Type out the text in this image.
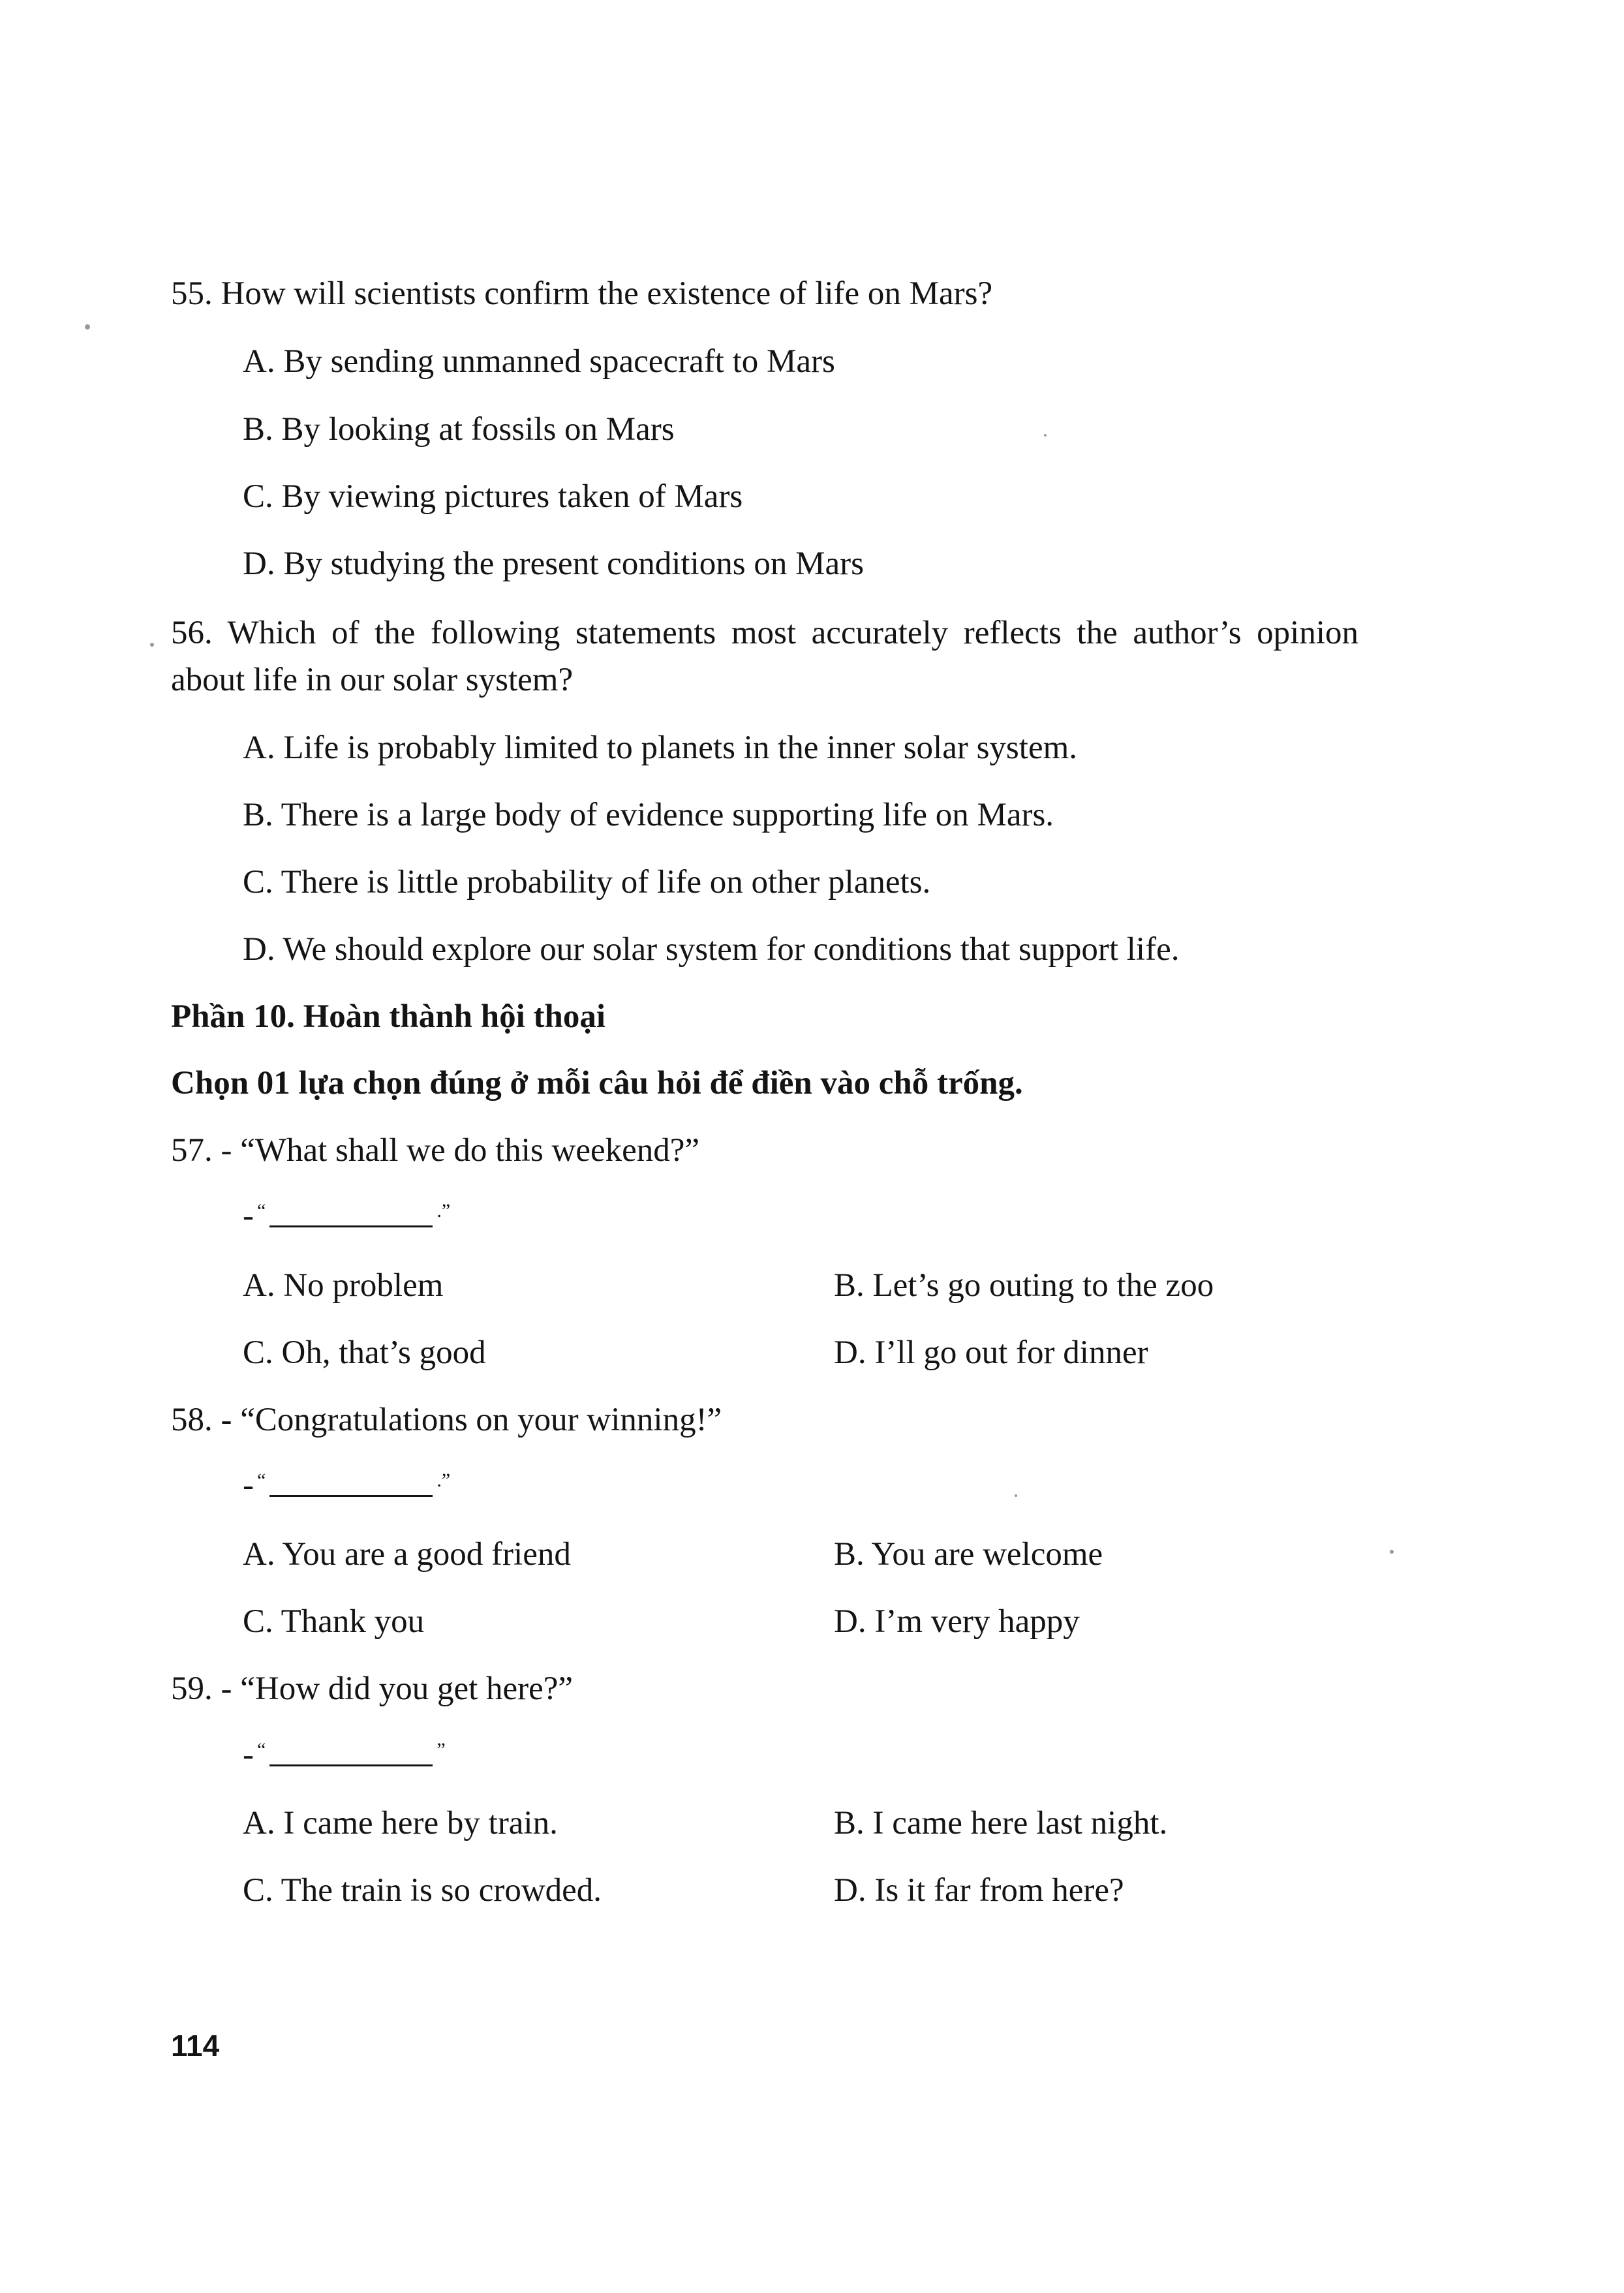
55. How will scientists confirm the existence of life on Mars?
A. By sending unmanned spacecraft to Mars
B. By looking at fossils on Mars
C. By viewing pictures taken of Mars
D. By studying the present conditions on Mars
56. Which of the following statements most accurately reflects the author’s opinion about life in our solar system?
A. Life is probably limited to planets in the inner solar system.
B. There is a large body of evidence supporting life on Mars.
C. There is little probability of life on other planets.
D. We should explore our solar system for conditions that support life.
Phần 10. Hoàn thành hội thoại
Chọn 01 lựa chọn đúng ở mỗi câu hỏi để điền vào chỗ trống.
57. - “What shall we do this weekend?”
- “	.”
A. No problem	B. Let’s go outing to the zoo
C. Oh, that’s good	D. I’ll go out for dinner
58. - “Congratulations on your winning!”
- “	.”
A. You are a good friend	B. You are welcome
C. Thank you	D. I’m very happy
59. - “How did you get here?”
- “	”
A. I came here by train.	B. I came here last night.
C. The train is so crowded.	D. Is it far from here?
114
